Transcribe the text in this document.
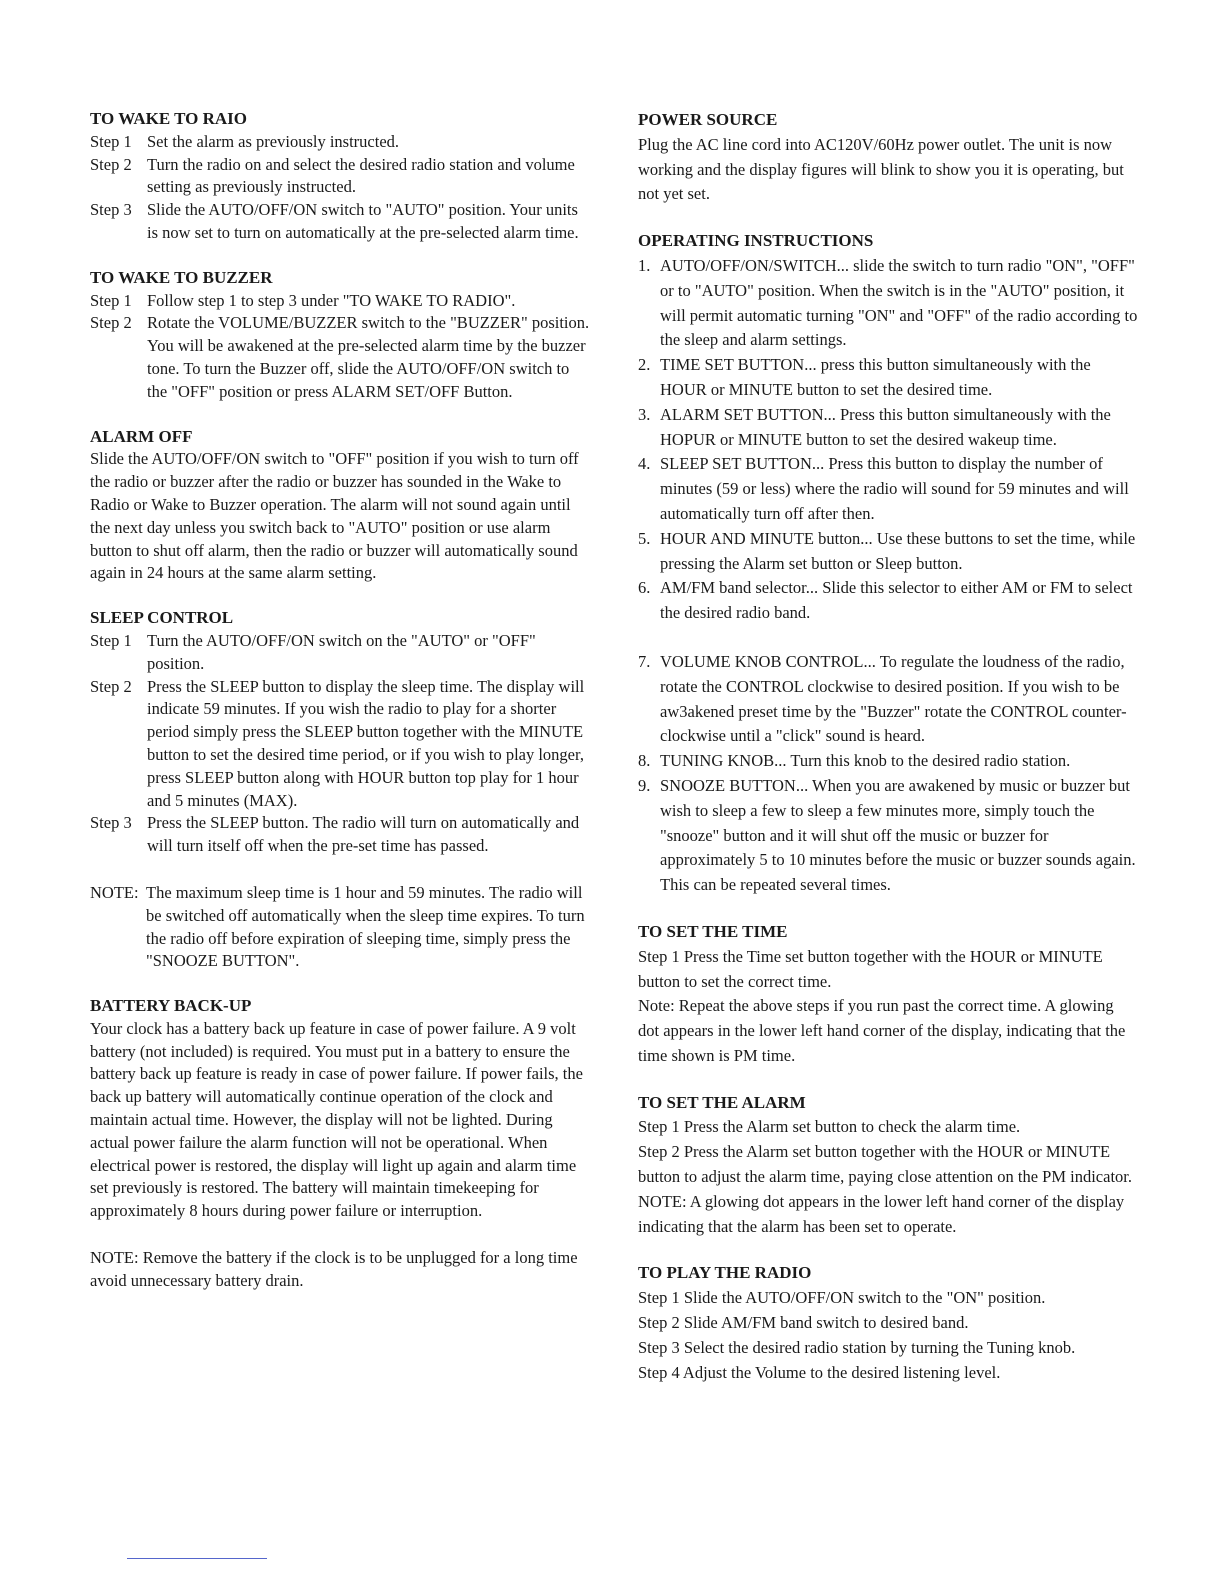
TO WAKE TO RAIO

Step 1 Set the alarm as previously instructed.
Step 2 Turn the radio on and select the desired radio station and volume setting as previously instructed.
Step 3 Slide the AUTO/OFF/ON switch to "AUTO" position. Your units is now set to turn on automatically at the pre-selected alarm time.

TO WAKE TO BUZZER

Step 1 Follow step 1 to step 3 under "TO WAKE TO RADIO".
Step 2 Rotate the VOLUME/BUZZER switch to the "BUZZER" position. You will be awakened at the pre-selected alarm time by the buzzer tone. To turn the Buzzer off, slide the AUTO/OFF/ON switch to the "OFF" position or press ALARM SET/OFF Button.

ALARM OFF

Slide the AUTO/OFF/ON switch to "OFF" position if you wish to turn off the radio or buzzer after the radio or buzzer has sounded in the Wake to Radio or Wake to Buzzer operation. The alarm will not sound again until the next day unless you switch back to "AUTO" position or use alarm button to shut off alarm, then the radio or buzzer will automatically sound again in 24 hours at the same alarm setting.

SLEEP CONTROL

Step 1 Turn the AUTO/OFF/ON switch on the "AUTO" or "OFF" position.
Step 2 Press the SLEEP button to display the sleep time. The display will indicate 59 minutes. If you wish the radio to play for a shorter period simply press the SLEEP button together with the MINUTE button to set the desired time period, or if you wish to play longer, press SLEEP button along with HOUR button top play for 1 hour and 5 minutes (MAX).
Step 3 Press the SLEEP button. The radio will turn on automatically and will turn itself off when the pre-set time has passed.
NOTE: The maximum sleep time is 1 hour and 59 minutes. The radio will be switched off automatically when the sleep time expires. To turn the radio off before expiration of sleeping time, simply press the "SNOOZE BUTTON".

BATTERY BACK-UP

Your clock has a battery back up feature in case of power failure. A 9 volt battery (not included) is required. You must put in a battery to ensure the battery back up feature is ready in case of power failure. If power fails, the back up battery will automatically continue operation of the clock and maintain actual time. However, the display will not be lighted. During actual power failure the alarm function will not be operational. When electrical power is restored, the display will light up again and alarm time set previously is restored. The battery will maintain timekeeping for approximately 8 hours during power failure or interruption.

NOTE: Remove the battery if the clock is to be unplugged for a long time avoid unnecessary battery drain.

POWER SOURCE

Plug the AC line cord into AC120V/60Hz power outlet. The unit is now working and the display figures will blink to show you it is operating, but not yet set.

OPERATING INSTRUCTIONS

1. AUTO/OFF/ON/SWITCH... slide the switch to turn radio "ON", "OFF" or to "AUTO" position. When the switch is in the "AUTO" position, it will permit automatic turning "ON" and "OFF" of the radio according to the sleep and alarm settings.
2. TIME SET BUTTON... press this button simultaneously with the HOUR or MINUTE button to set the desired time.
3. ALARM SET BUTTON... Press this button simultaneously with the HOPUR or MINUTE button to set the desired wakeup time.
4. SLEEP SET BUTTON... Press this button to display the number of minutes (59 or less) where the radio will sound for 59 minutes and will automatically turn off after then.
5. HOUR AND MINUTE button... Use these buttons to set the time, while pressing the Alarm set button or Sleep button.
6. AM/FM band selector... Slide this selector to either AM or FM to select the desired radio band.
7. VOLUME KNOB CONTROL... To regulate the loudness of the radio, rotate the CONTROL clockwise to desired position. If you wish to be aw3akened preset time by the "Buzzer" rotate the CONTROL counter-clockwise until a "click" sound is heard.
8. TUNING KNOB... Turn this knob to the desired radio station.
9. SNOOZE BUTTON... When you are awakened by music or buzzer but wish to sleep a few to sleep a few minutes more, simply touch the "snooze" button and it will shut off the music or buzzer for approximately 5 to 10 minutes before the music or buzzer sounds again. This can be repeated several times.

TO SET THE TIME

Step 1 Press the Time set button together with the HOUR or MINUTE button to set the correct time.

Note: Repeat the above steps if you run past the correct time. A glowing dot appears in the lower left hand corner of the display, indicating that the time shown is PM time.

TO SET THE ALARM

Step 1 Press the Alarm set button to check the alarm time.

Step 2 Press the Alarm set button together with the HOUR or MINUTE button to adjust the alarm time, paying close attention on the PM indicator.

NOTE: A glowing dot appears in the lower left hand corner of the display indicating that the alarm has been set to operate.

TO PLAY THE RADIO

Step 1 Slide the AUTO/OFF/ON switch to the "ON" position.

Step 2 Slide AM/FM band switch to desired band.

Step 3 Select the desired radio station by turning the Tuning knob.

Step 4 Adjust the Volume to the desired listening level.
